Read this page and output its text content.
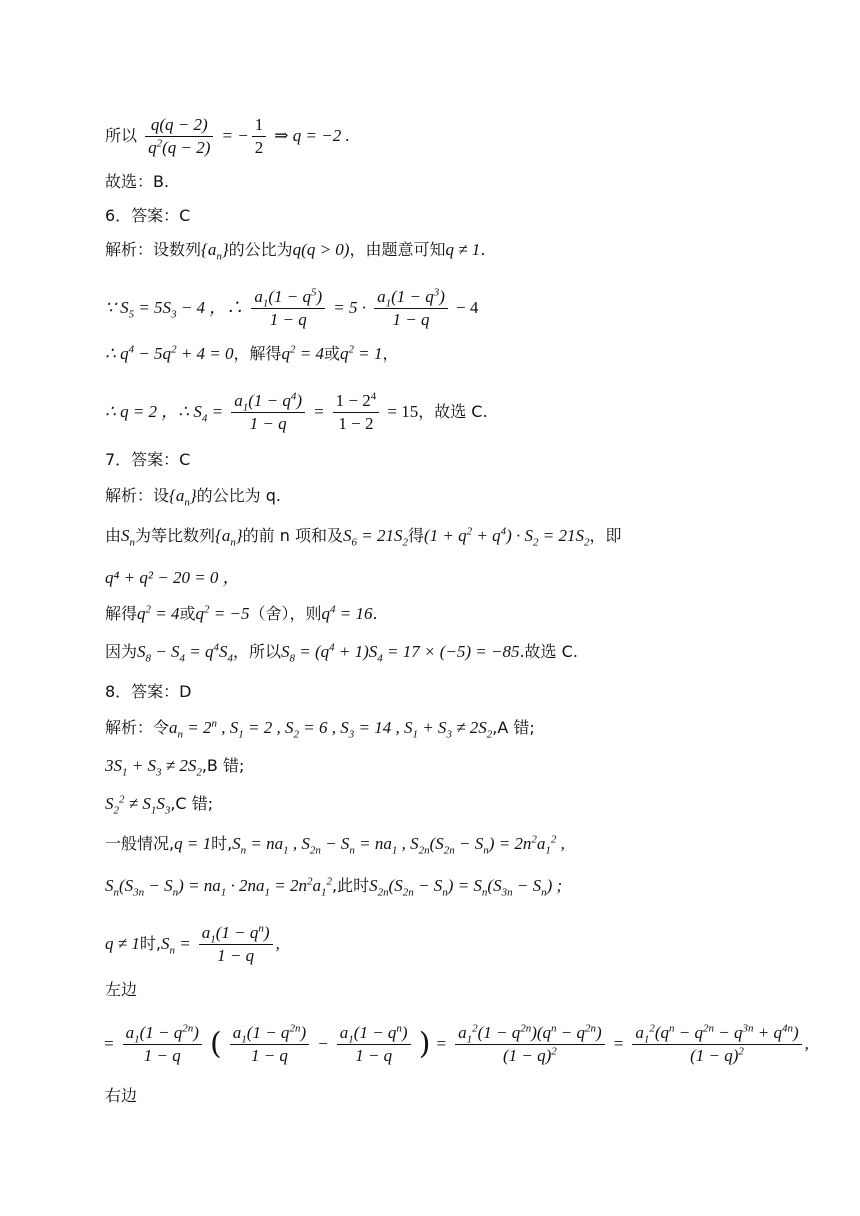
所以 $\frac{q(q - 2)}{q^2(q - 2)}$ = − $\frac{1}{2}$ ⇒ q = −2 .
故选：B.
6．答案：C
解析：设数列$\{a_n\}$的公比为q(q > 0)，由题意可知q ≠ 1.
∵ $S_5 = 5S_3 - 4$ ，∴ $\frac{a_1(1 - q^5)}{1 - q} = 5 \cdot \frac{a_1(1 - q^3)}{1 - q} - 4$
∴ $q^4 - 5q^2 + 4 = 0$，解得$q^2 = 4$或$q^2 = 1$，
∴ q = 2 ，∴ $S_4 = \frac{a_1(1 - q^4)}{1 - q} = \frac{1 - 2^4}{1 - 2} = 15$，故选 C.
7．答案：C
解析：设$\{a_n\}$的公比为 q.
由$S_n$为等比数列$\{a_n\}$的前 n 项和及$S_6 = 21S_2$得$(1 + q^2 + q^4) \cdot S_2 = 21S_2$，即
q⁴ + q² − 20 = 0 ，
解得$q^2 = 4$或$q^2 = -5$（舍），则$q^4 = 16$.
因为$S_8 - S_4 = q^4S_4$，所以$S_8 = (q^4 + 1)S_4 = 17 \times (-5) = -85$.故选 C.
8．答案：D
解析：令$a_n = 2^n$ , $S_1 = 2$ , $S_2 = 6$ , $S_3 = 14$ , $S_1 + S_3 \ne 2S_2,A$ 错;
$3S_1 + S_3 \ne 2S_2,B$ 错;
$S_2^2 \ne S_1S_3,C$ 错;
一般情况,q = 1时$,S_n = na_1$ , $S_{2n} - S_n = na_1$ , $S_{2n}(S_{2n} - S_n) = 2n^2a_1^2$ ,
$S_n(S_{3n} - S_n) = na_1 \cdot 2na_1 = 2n^2a_1^2$,此时$S_{2n}(S_{2n} - S_n) = S_n(S_{3n} - S_n)$ ;
q ≠ 1时$,S_n = \frac{a_1(1 - q^n)}{1 - q}$ ,
左边
= $\frac{a_1(1 - q^{2n})}{1 - q}$ ( $\frac{a_1(1 - q^{2n})}{1 - q} - \frac{a_1(1 - q^n)}{1 - q}$ ) = $\frac{a_1^2(1 - q^{2n})(q^n - q^{2n})}{(1 - q)^2} = \frac{a_1^2(q^n - q^{2n} - q^{3n} + q^{4n})}{(1 - q)^2}$ ,
右边
